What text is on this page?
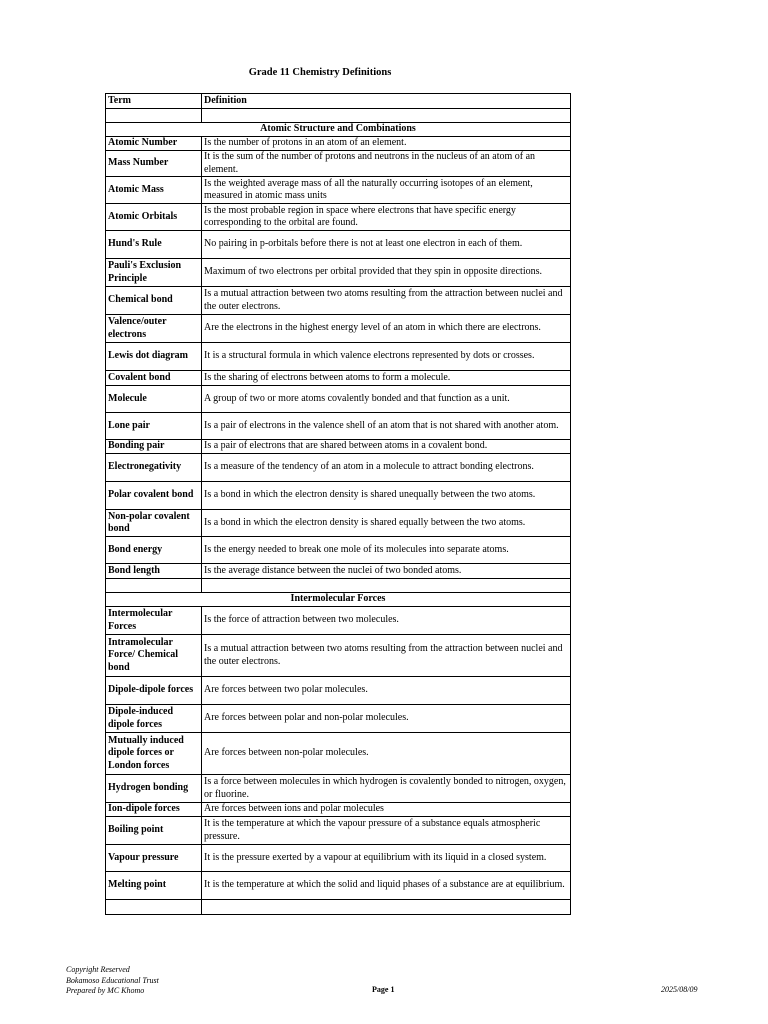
Grade 11 Chemistry Definitions
Term	Definition

Atomic Structure and Combinations	
Atomic Number	Is the number of protons in an atom of an element.
Mass Number	It is the sum of the number of protons and neutrons in the nucleus of an atom of an element.
Atomic Mass	Is the weighted average mass of all the naturally occurring isotopes of an element, measured in atomic mass units
Atomic Orbitals	Is the most probable region in space where electrons that have specific energy corresponding to the orbital are found.
Hund's Rule	No pairing in p-orbitals before there is not at least one electron in each of them.
Pauli's Exclusion Principle	Maximum of two electrons per orbital provided that they spin in opposite directions.
Chemical bond	Is a mutual attraction between two atoms resulting from the attraction between nuclei and the outer electrons.
Valence/outer electrons	Are the electrons in the highest energy level of an atom in which there are electrons.
Lewis dot diagram	It is a structural formula in which valence electrons represented by dots or crosses.
Covalent bond	Is the sharing of electrons between atoms to form a molecule.
Molecule	A group of two or more atoms covalently bonded and that function as a unit.
Lone pair	Is a pair of electrons in the valence shell of an atom that is not shared with another atom.
Bonding pair	Is a pair of electrons that are shared between atoms in a covalent bond.
Electronegativity	Is a measure of the tendency of an atom in a molecule to attract bonding electrons.
Polar covalent bond	Is a bond in which the electron density is shared unequally between the two atoms.
Non-polar covalent bond	Is a bond in which the electron density is shared equally between the two atoms.
Bond energy	Is the energy needed to break one mole of its molecules into separate atoms.
Bond length	Is the average distance between the nuclei of two bonded atoms.

Intermolecular Forces	
Intermolecular Forces	Is the force of attraction between two molecules.
Intramolecular Force/ Chemical bond	Is a mutual attraction between two atoms resulting from the attraction between nuclei and the outer electrons.
Dipole-dipole forces	Are forces between two polar molecules.
Dipole-induced dipole forces	Are forces between polar and non-polar molecules.
Mutually induced dipole forces or London forces	Are forces between non-polar molecules.
Hydrogen bonding	Is a force between molecules in which hydrogen is covalently bonded to nitrogen, oxygen, or fluorine.
Ion-dipole forces	Are forces between ions and polar molecules
Boiling point	It is the temperature at which the vapour pressure of a substance equals atmospheric pressure.
Vapour pressure	It is the pressure exerted by a vapour at equilibrium with its liquid in a closed system.
Melting point	It is the temperature at which the solid and liquid phases of a substance are at equilibrium.

Copyright Reserved
Bokamoso Educational Trust
Prepared by MC Khomo	Page 1	2025/08/09
